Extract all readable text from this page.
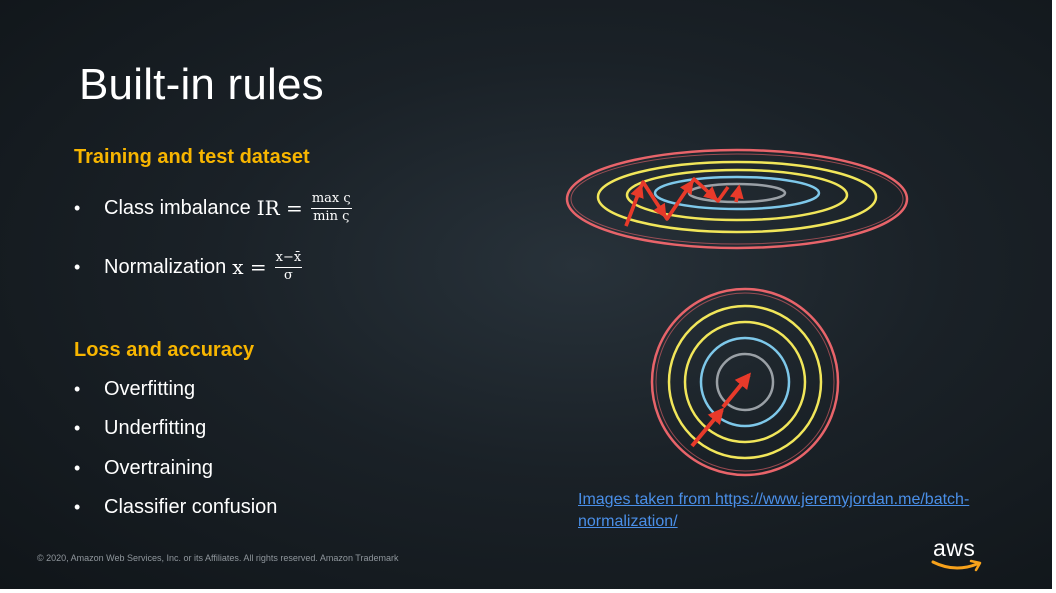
Built-in rules
Training and test dataset
•	Class imbalance IR = $\frac{\text{max ς}}{\text{min ς}}$
•	Normalization $x = \frac{x-x̄}{\sigma}$
Loss and accuracy
•	Overfitting
•	Underfitting
•	Overtraining
•	Classifier confusion	Images taken from https://www.jeremyjordan.me/batch-normalization/
© 2020, Amazon Web Services, Inc. or its Affiliates. All rights reserved. Amazon Trademark	aws
